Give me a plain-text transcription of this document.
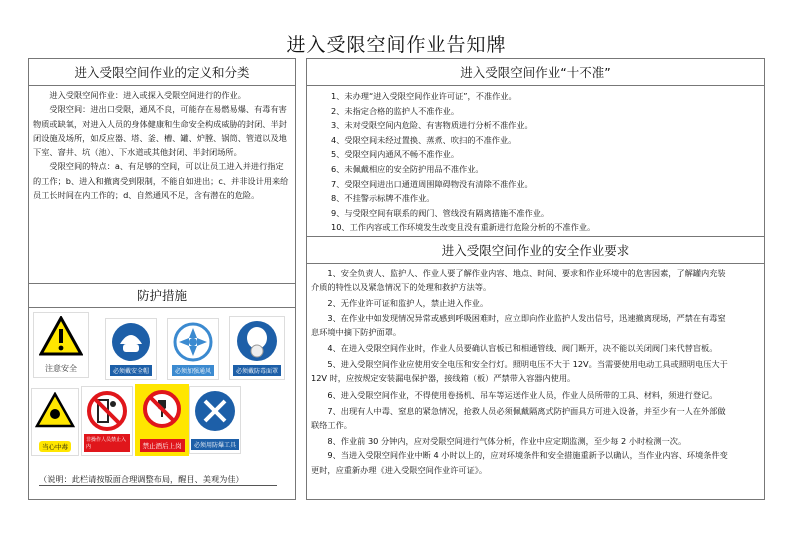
进入受限空间作业告知牌
进入受限空间作业的定义和分类

进入受限空间作业：进入或探入受限空间进行的作业。

受限空间：进出口受限，通风不良，可能存在易燃易爆、有毒有害物质或缺氧，对进入人员的身体健康和生命安全构成威胁的封闭、半封闭设施及场所，如反应器、塔、釜、槽、罐、炉膛、锅筒、管道以及地下室、窨井、坑（池）、下水道或其他封闭、半封闭场所。

受限空间的特点：a、有足够的空间，可以让员工进入并进行指定的工作；b、进入和撤离受到限制，不能自如进出；c、并非设计用来给员工长时间在内工作的；d、自然通风不足，含有潜在的危险。

防护措施
注意安全	必须戴安全帽	必须加强通风	必须戴防毒面罩
当心中毒
非操作人员禁止入内	禁止酒后上岗	必须用防爆工具
（说明：此栏请按版面合理调整布局，醒目、美观为佳）
进入受限空间作业“十不准”
1、未办理“进入受限空间作业许可证”，不准作业。
2、未指定合格的监护人不准作业。
3、未对受限空间内危险、有害物质进行分析不准作业。
4、受限空间未经过置换、蒸煮、吹扫的不准作业。
5、受限空间内通风不畅不准作业。
6、未佩戴相应的安全防护用品不准作业。
7、受限空间进出口通道周围障碍物没有清除不准作业。
8、不挂警示标牌不准作业。
9、与受限空间有联系的阀门、管线没有隔离措施不准作业。
10、工作内容或工作环境发生改变且没有重新进行危险分析的不准作业。
进入受限空间作业的安全作业要求

1、安全负责人、监护人、作业人要了解作业内容、地点、时间、要求和作业环境中的危害因素，了解罐内充装介质的特性以及紧急情况下的处理和救护方法等。

2、无作业许可证和监护人，禁止进入作业。

3、在作业中如发现情况异常或感到呼吸困难时，应立即向作业监护人发出信号，迅速撤离现场，严禁在有毒窒息环境中摘下防护面罩。

4、在进入受限空间作业时，作业人员要确认盲板已和相通管线、阀门断开，决不能以关闭阀门来代替盲板。

5、进入受限空间作业应使用安全电压和安全行灯。照明电压不大于 12V。当需要使用电动工具或照明电压大于 12V 时，应按规定安装漏电保护器，接线箱（板）严禁带入容器内使用。

6、进入受限空间作业，不得使用卷扬机、吊车等运送作业人员，作业人员所带的工具、材料，须进行登记。

7、出现有人中毒、窒息的紧急情况，抢救人员必须佩戴隔离式防护面具方可进入设备，并至少有一人在外部做联络工作。

8、作业前 30 分钟内，应对受限空间进行气体分析，作业中应定期监测，至少每 2 小时检测一次。

9、当进入受限空间作业中断 4 小时以上的，应对环境条件和安全措施重新予以确认，当作业内容、环境条件变更时，应重新办理《进入受限空间作业许可证》。
